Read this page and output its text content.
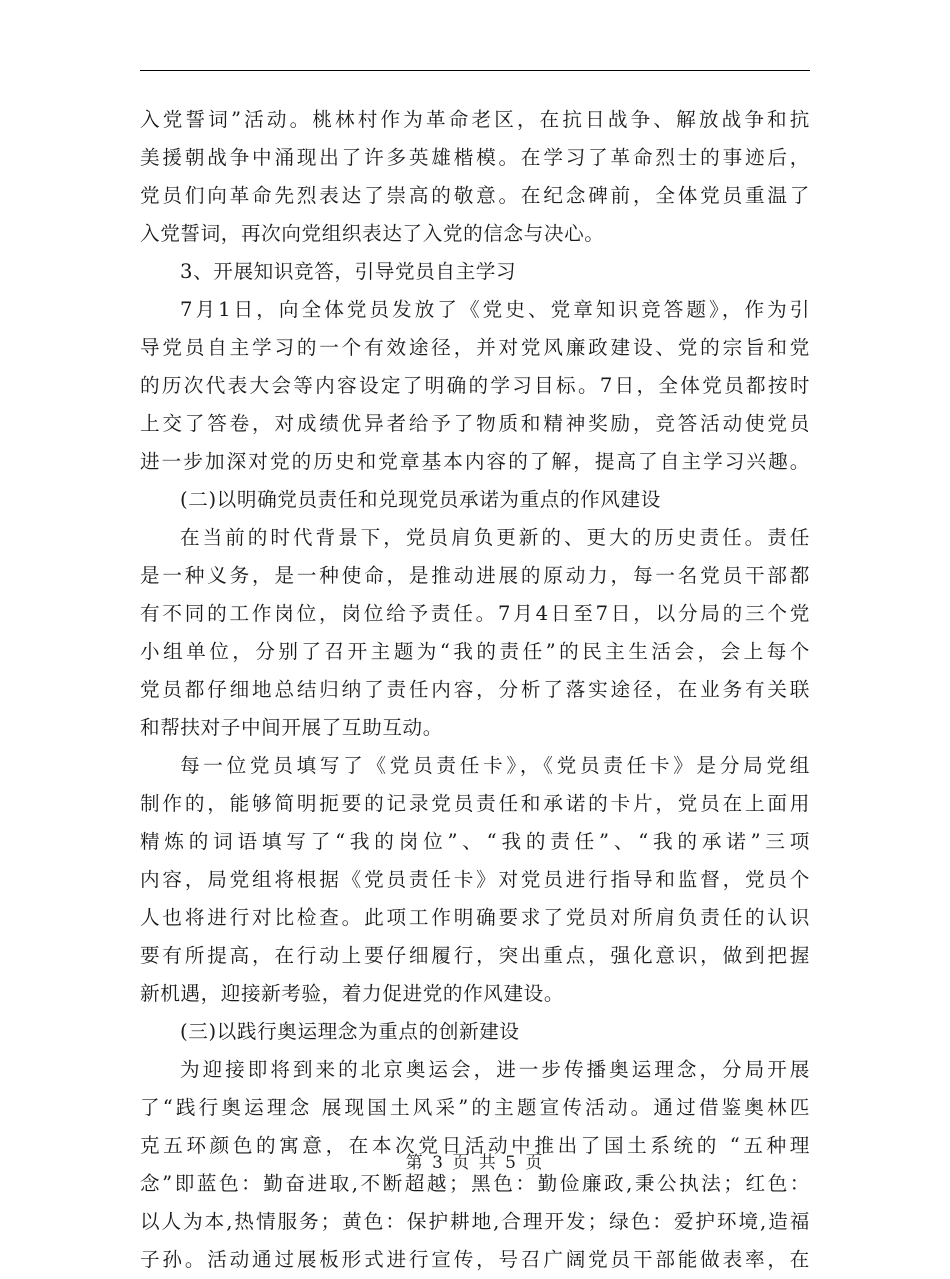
入党誓词”活动。桃林村作为革命老区，在抗日战争、解放战争和抗
美援朝战争中涌现出了许多英雄楷模。在学习了革命烈士的事迹后，
党员们向革命先烈表达了崇高的敬意。在纪念碑前，全体党员重温了
入党誓词，再次向党组织表达了入党的信念与决心。
3、开展知识竞答，引导党员自主学习
7月1日，向全体党员发放了《党史、党章知识竞答题》，作为引
导党员自主学习的一个有效途径，并对党风廉政建设、党的宗旨和党
的历次代表大会等内容设定了明确的学习目标。7日，全体党员都按时
上交了答卷，对成绩优异者给予了物质和精神奖励，竞答活动使党员
进一步加深对党的历史和党章基本内容的了解，提高了自主学习兴趣。
(二)以明确党员责任和兑现党员承诺为重点的作风建设
在当前的时代背景下，党员肩负更新的、更大的历史责任。责任
是一种义务，是一种使命，是推动进展的原动力，每一名党员干部都
有不同的工作岗位，岗位给予责任。7月4日至7日，以分局的三个党
小组单位，分别了召开主题为“我的责任”的民主生活会，会上每个
党员都仔细地总结归纳了责任内容，分析了落实途径，在业务有关联
和帮扶对子中间开展了互助互动。
每一位党员填写了《党员责任卡》，《党员责任卡》是分局党组
制作的，能够简明扼要的记录党员责任和承诺的卡片，党员在上面用
精炼的词语填写了“我的岗位”、“我的责任”、“我的承诺”三项
内容，局党组将根据《党员责任卡》对党员进行指导和监督，党员个
人也将进行对比检查。此项工作明确要求了党员对所肩负责任的认识
要有所提高，在行动上要仔细履行，突出重点，强化意识，做到把握
新机遇，迎接新考验，着力促进党的作风建设。
(三)以践行奥运理念为重点的创新建设
为迎接即将到来的北京奥运会，进一步传播奥运理念，分局开展
了“践行奥运理念 展现国土风采”的主题宣传活动。通过借鉴奥林匹
克五环颜色的寓意，在本次党日活动中推出了国土系统的 “五种理
念”即蓝色：勤奋进取,不断超越；黑色：勤俭廉政,秉公执法；红色：
以人为本,热情服务；黄色：保护耕地,合理开发；绿色：爱护环境,造福
子孙。活动通过展板形式进行宣传，号召广阔党员干部能做表率，在
第 3 页 共 5 页
